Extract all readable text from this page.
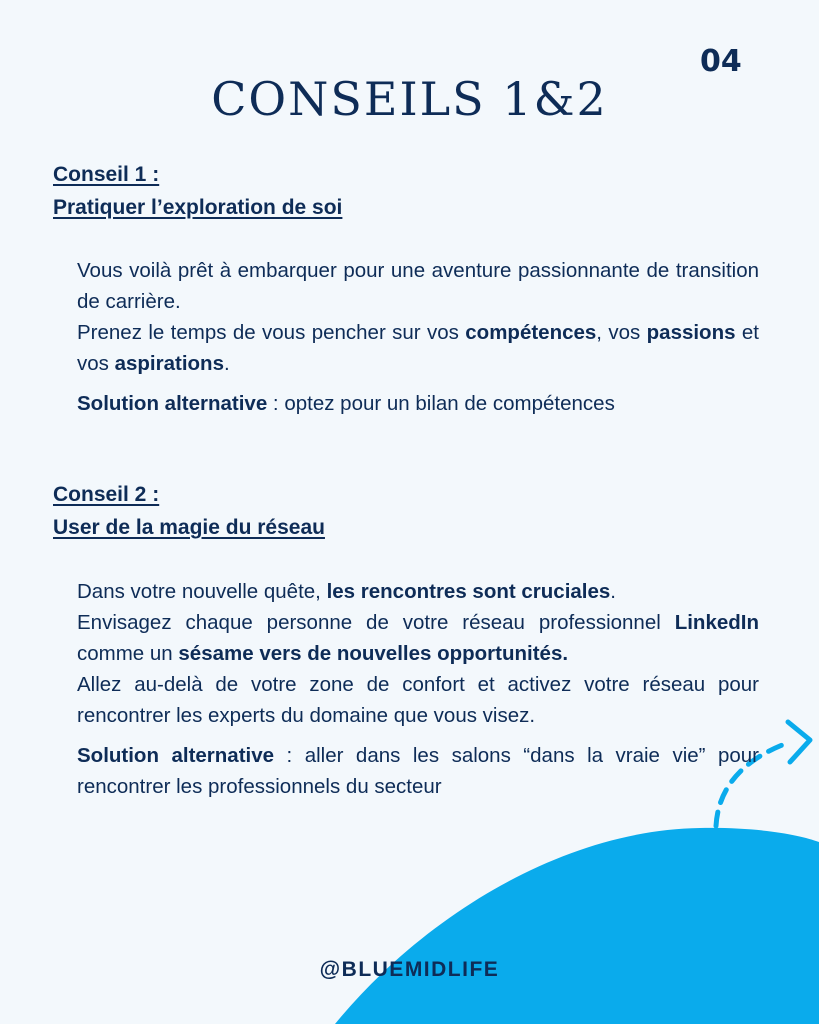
04
CONSEILS 1&2
Conseil 1 :
Pratiquer l’exploration de soi

Vous voilà prêt à embarquer pour une aventure passionnante de transition de carrière.

Prenez le temps de vous pencher sur vos compétences, vos passions et vos aspirations.

Solution alternative : optez pour un bilan de compétences

Conseil 2 :
User de la magie du réseau

Dans votre nouvelle quête, les rencontres sont cruciales.

Envisagez chaque personne de votre réseau professionnel LinkedIn comme un sésame vers de nouvelles opportunités.

Allez au-delà de votre zone de confort et activez votre réseau pour rencontrer les experts du domaine que vous visez.

Solution alternative : aller dans les salons “dans la vraie vie” pour rencontrer les professionnels du secteur

@BLUEMIDLIFE
